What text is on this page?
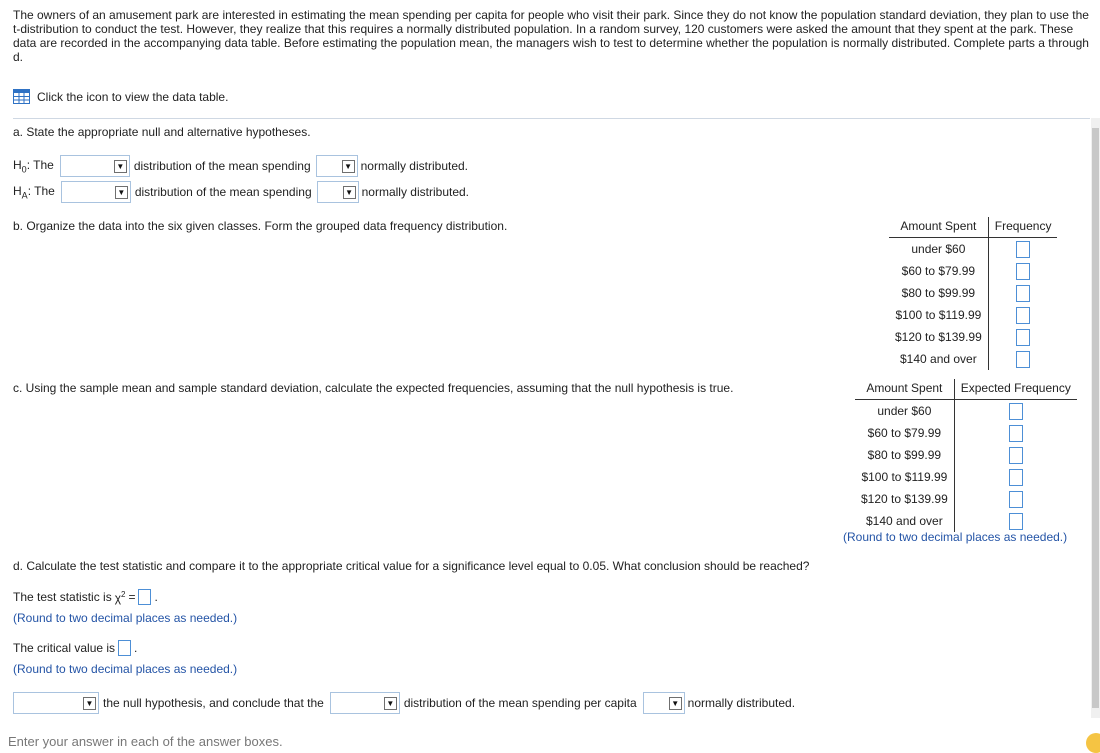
The owners of an amusement park are interested in estimating the mean spending per capita for people who visit their park. Since they do not know the population standard deviation, they plan to use the t-distribution to conduct the test. However, they realize that this requires a normally distributed population. In a random survey, 120 customers were asked the amount that they spent at the park. These data are recorded in the accompanying data table. Before estimating the population mean, the managers wish to test to determine whether the population is normally distributed. Complete parts a through d.
Click the icon to view the data table.
a. State the appropriate null and alternative hypotheses.
$H_0$: The	▼ distribution of the mean spending	▼ normally distributed.
$H_A$: The	▼ distribution of the mean spending	▼ normally distributed.
b. Organize the data into the six given classes. Form the grouped data frequency distribution.	Amount Spent	Frequency
under $60	
$60 to $79.99	
$80 to $99.99	
$100 to $119.99	
$120 to $139.99	
$140 and over	
c. Using the sample mean and sample standard deviation, calculate the expected frequencies, assuming that the null hypothesis is true.	Amount Spent	Expected Frequency
under $60	
$60 to $79.99	
$80 to $99.99	
$100 to $119.99	
$120 to $139.99	
$140 and over	
(Round to two decimal places as needed.)
d. Calculate the test statistic and compare it to the appropriate critical value for a significance level equal to 0.05. What conclusion should be reached?
The test statistic is $\chi^2$ = .
(Round to two decimal places as needed.)
The critical value is .
(Round to two decimal places as needed.)
▼ the null hypothesis, and conclude that the	▼ distribution of the mean spending per capita	▼ normally distributed.
Enter your answer in each of the answer boxes.
